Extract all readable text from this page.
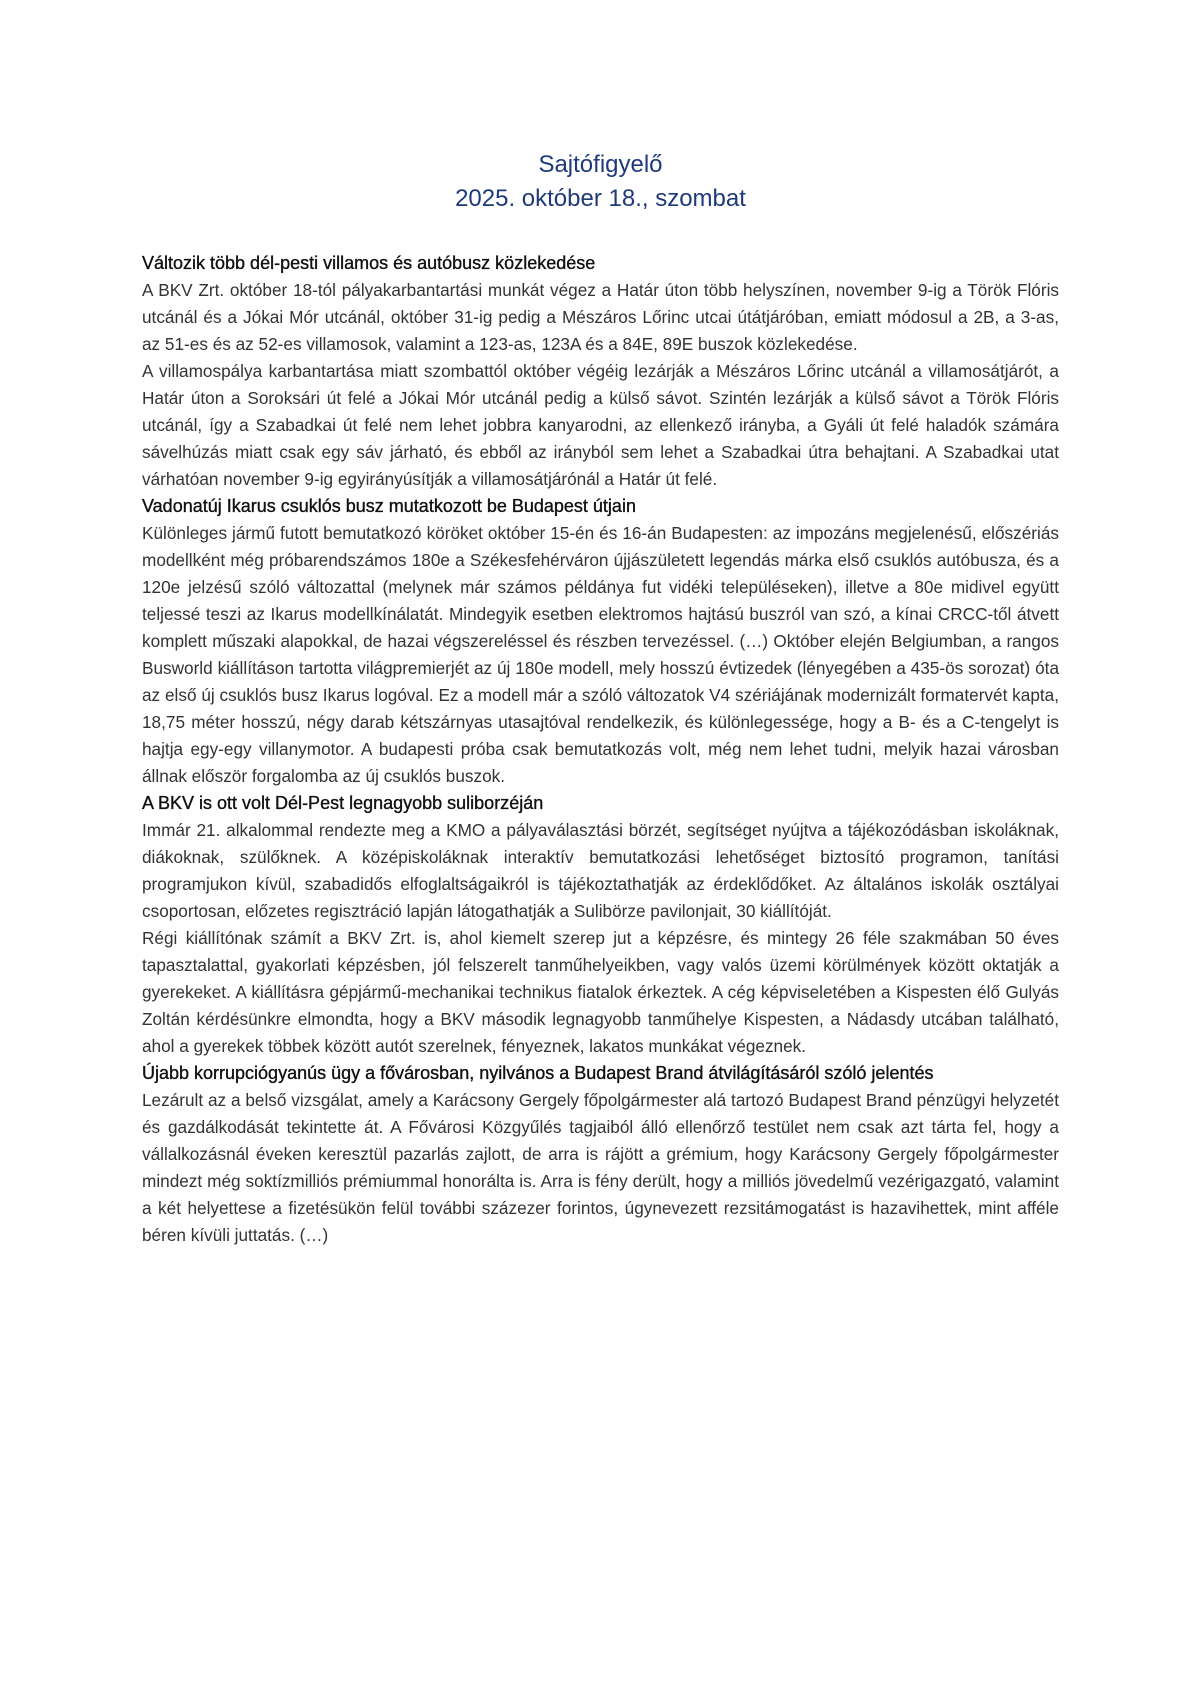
Sajtófigyelő
2025. október 18., szombat
Változik több dél-pesti villamos és autóbusz közlekedése

A BKV Zrt. október 18-tól pályakarbantartási munkát végez a Határ úton több helyszínen, november 9-ig a Török Flóris utcánál és a Jókai Mór utcánál, október 31-ig pedig a Mészáros Lőrinc utcai útátjáróban, emiatt módosul a 2B, a 3-as, az 51-es és az 52-es villamosok, valamint a 123-as, 123A és a 84E, 89E buszok közlekedése.

A villamospálya karbantartása miatt szombattól október végéig lezárják a Mészáros Lőrinc utcánál a villamosátjárót, a Határ úton a Soroksári út felé a Jókai Mór utcánál pedig a külső sávot. Szintén lezárják a külső sávot a Török Flóris utcánál, így a Szabadkai út felé nem lehet jobbra kanyarodni, az ellenkező irányba, a Gyáli út felé haladók számára sávelhúzás miatt csak egy sáv járható, és ebből az irányból sem lehet a Szabadkai útra behajtani. A Szabadkai utat várhatóan november 9-ig egyirányúsítják a villamosátjárónál a Határ út felé.

Vadonatúj Ikarus csuklós busz mutatkozott be Budapest útjain

Különleges jármű futott bemutatkozó köröket október 15-én és 16-án Budapesten: az impozáns megjelenésű, előszériás modellként még próbarendszámos 180e a Székesfehérváron újjászületett legendás márka első csuklós autóbusza, és a 120e jelzésű szóló változattal (melynek már számos példánya fut vidéki településeken), illetve a 80e midivel együtt teljessé teszi az Ikarus modellkínálatát. Mindegyik esetben elektromos hajtású buszról van szó, a kínai CRCC-től átvett komplett műszaki alapokkal, de hazai végszereléssel és részben tervezéssel. (…) Október elején Belgiumban, a rangos Busworld kiállításon tartotta világpremierjét az új 180e modell, mely hosszú évtizedek (lényegében a 435-ös sorozat) óta az első új csuklós busz Ikarus logóval. Ez a modell már a szóló változatok V4 szériájának modernizált formatervét kapta, 18,75 méter hosszú, négy darab kétszárnyas utasajtóval rendelkezik, és különlegessége, hogy a B- és a C-tengelyt is hajtja egy-egy villanymotor. A budapesti próba csak bemutatkozás volt, még nem lehet tudni, melyik hazai városban állnak először forgalomba az új csuklós buszok.

A BKV is ott volt Dél-Pest legnagyobb suliborzéján

Immár 21. alkalommal rendezte meg a KMO a pályaválasztási börzét, segítséget nyújtva a tájékozódásban iskoláknak, diákoknak, szülőknek. A középiskoláknak interaktív bemutatkozási lehetőséget biztosító programon, tanítási programjukon kívül, szabadidős elfoglaltságaikról is tájékoztathatják az érdeklődőket. Az általános iskolák osztályai csoportosan, előzetes regisztráció lapján látogathatják a Sulibörze pavilonjait, 30 kiállítóját.

Régi kiállítónak számít a BKV Zrt. is, ahol kiemelt szerep jut a képzésre, és mintegy 26 féle szakmában 50 éves tapasztalattal, gyakorlati képzésben, jól felszerelt tanműhelyeikben, vagy valós üzemi körülmények között oktatják a gyerekeket. A kiállításra gépjármű-mechanikai technikus fiatalok érkeztek. A cég képviseletében a Kispesten élő Gulyás Zoltán kérdésünkre elmondta, hogy a BKV második legnagyobb tanműhelye Kispesten, a Nádasdy utcában található, ahol a gyerekek többek között autót szerelnek, fényeznek, lakatos munkákat végeznek.

Újabb korrupciógyanús ügy a fővárosban, nyilvános a Budapest Brand átvilágításáról szóló jelentés

Lezárult az a belső vizsgálat, amely a Karácsony Gergely főpolgármester alá tartozó Budapest Brand pénzügyi helyzetét és gazdálkodását tekintette át. A Fővárosi Közgyűlés tagjaiból álló ellenőrző testület nem csak azt tárta fel, hogy a vállalkozásnál éveken keresztül pazarlás zajlott, de arra is rájött a grémium, hogy Karácsony Gergely főpolgármester mindezt még soktízmilliós prémiummal honorálta is. Arra is fény derült, hogy a milliós jövedelmű vezérigazgató, valamint a két helyettese a fizetésükön felül további százezer forintos, úgynevezett rezsitámogatást is hazavihettek, mint afféle béren kívüli juttatás. (…)
